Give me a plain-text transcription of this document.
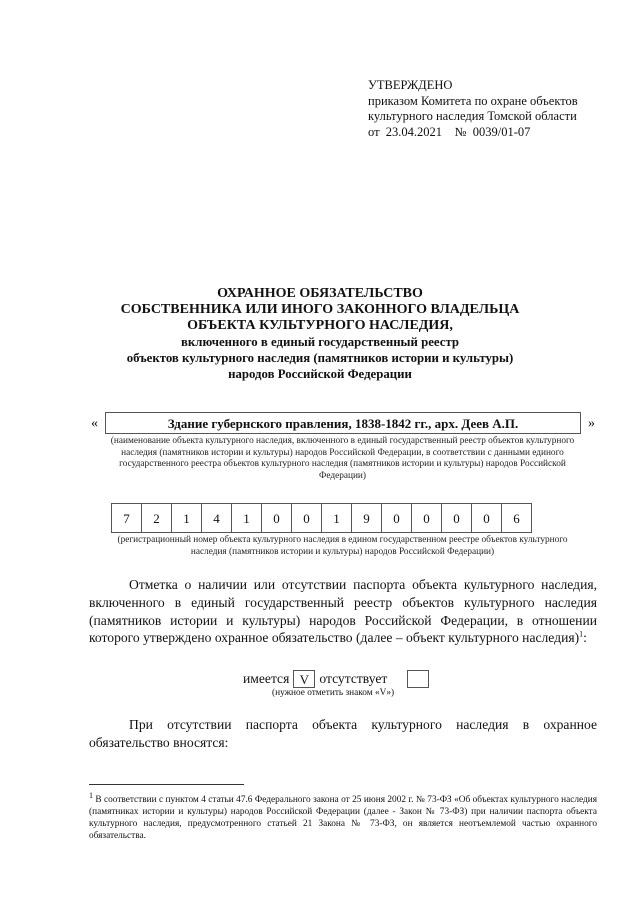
УТВЕРЖДЕНО
приказом Комитета по охране объектов
культурного наследия Томской области
от  23.04.2021    №  0039/01-07
ОХРАННОЕ ОБЯЗАТЕЛЬСТВО
СОБСТВЕННИКА ИЛИ ИНОГО ЗАКОННОГО ВЛАДЕЛЬЦА
ОБЪЕКТА КУЛЬТУРНОГО НАСЛЕДИЯ,
включенного в единый государственный реестр
объектов культурного наследия (памятников истории и культуры)
народов Российской Федерации
«	Здание губернского правления, 1838-1842 гг., арх. Деев А.П.	»
(наименование объекта культурного наследия, включенного в единый государственный реестр объектов культурного наследия (памятников истории и культуры) народов Российской Федерации, в соответствии с данными единого государственного реестра объектов культурного наследия (памятников истории и культуры) народов Российской Федерации)
7	2	1	4	1	0	0	1	9	0	0	0	0	6
(регистрационный номер объекта культурного наследия в едином государственном реестре объектов культурного наследия (памятников истории и культуры) народов Российской Федерации)
Отметка о наличии или отсутствии паспорта объекта культурного наследия, включенного в единый государственный реестр объектов культурного наследия (памятников истории и культуры) народов Российской Федерации, в отношении которого утверждено охранное обязательство (далее – объект культурного наследия)$^1$:
имеется V отсутствует
(нужное отметить знаком «V»)
При отсутствии паспорта объекта культурного наследия в охранное обязательство вносятся:
$^1$ В соответствии с пунктом 4 статьи 47.6 Федерального закона от 25 июня 2002 г. № 73-ФЗ «Об объектах культурного наследия (памятниках истории и культуры) народов Российской Федерации (далее - Закон № 73-ФЗ) при наличии паспорта объекта культурного наследия, предусмотренного статьей 21 Закона № 73-ФЗ, он является неотъемлемой частью охранного обязательства.
